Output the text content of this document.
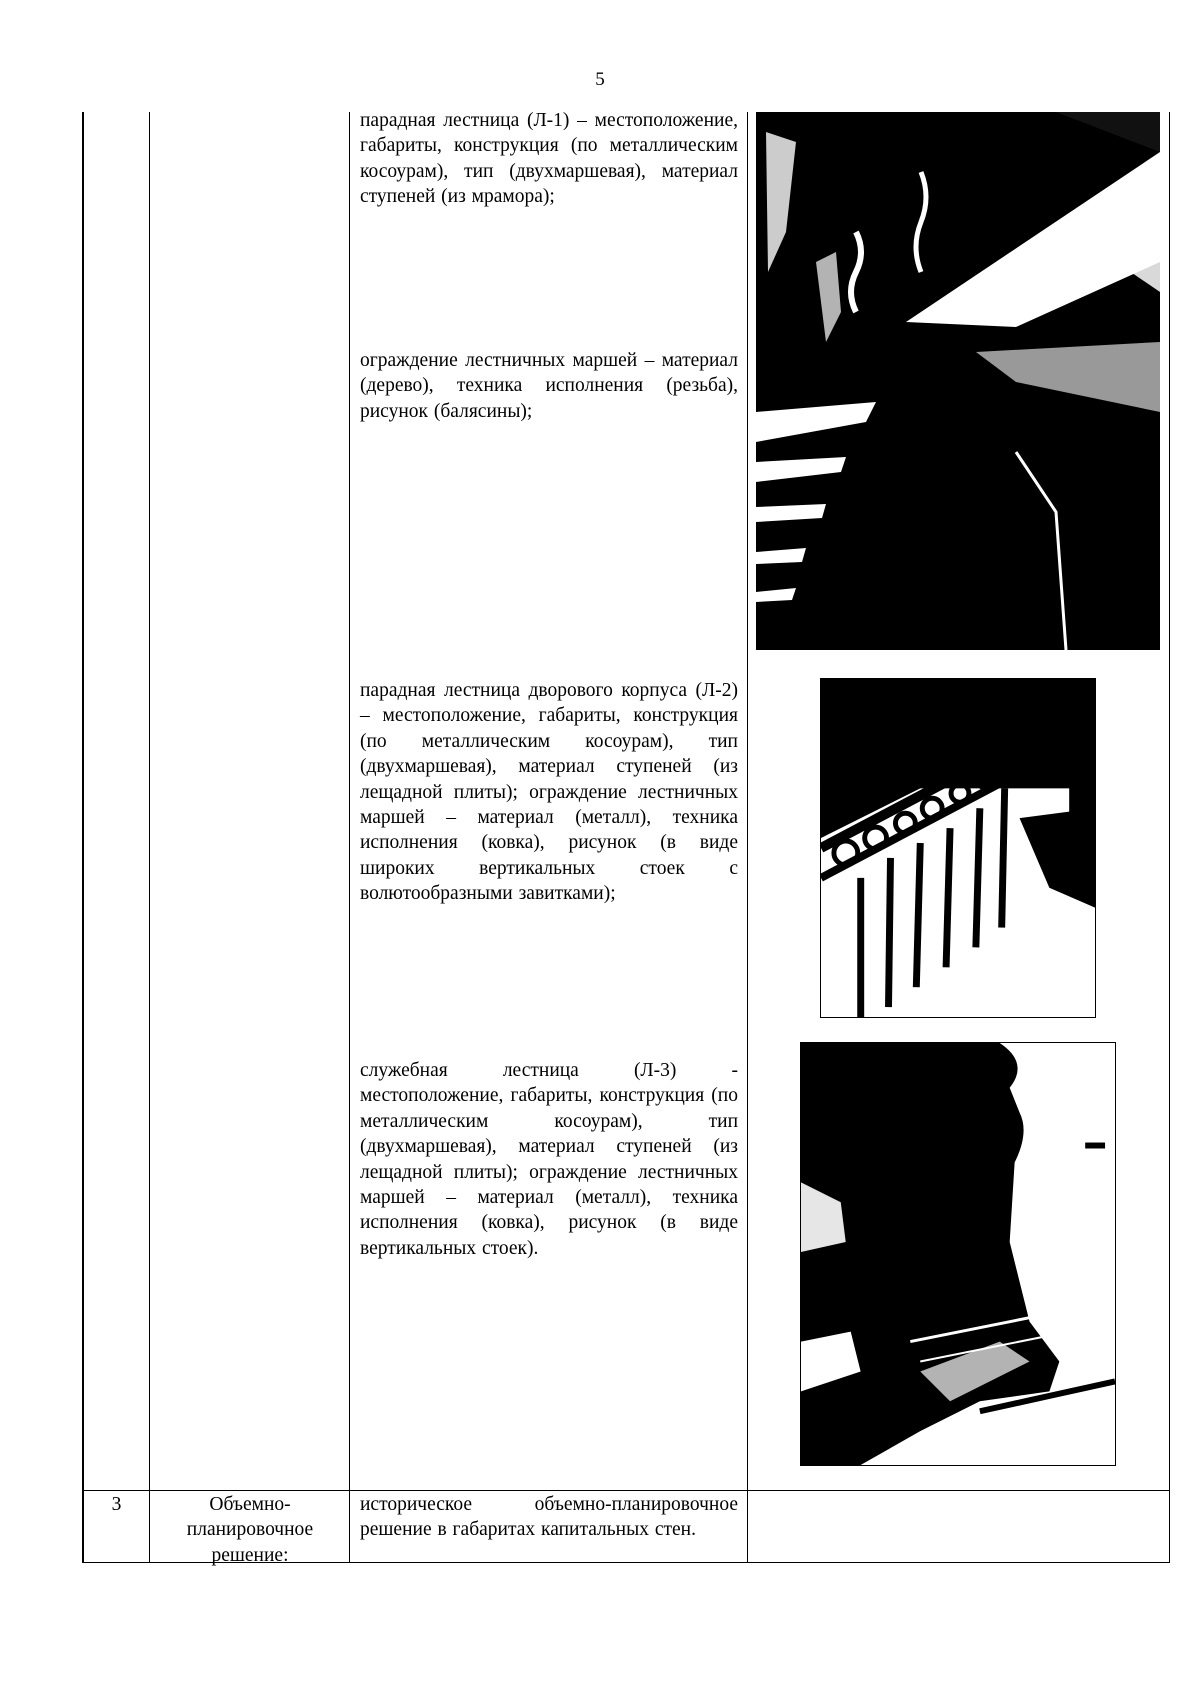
5
парадная лестница (Л-1) – местоположение, габариты, конструкция (по металлическим косоурам), тип (двухмаршевая), материал ступеней (из мрамора);
ограждение лестничных маршей – материал (дерево), техника исполнения (резьба), рисунок (балясины);
парадная лестница дворового корпуса (Л-2) – местоположение, габариты, конструкция (по металлическим косоурам), тип (двухмаршевая), материал ступеней (из лещадной плиты); ограждение лестничных маршей – материал (металл), техника исполнения (ковка), рисунок (в виде широких вертикальных стоек с волютообразными завитками);
служебная лестница (Л-3) - местоположение, габариты, конструкция (по металлическим косоурам), тип (двухмаршевая), материал ступеней (из лещадной плиты); ограждение лестничных маршей – материал (металл), техника исполнения (ковка), рисунок (в виде вертикальных стоек).
3	Объемно-планировочное решение:
историческое объемно-планировочное решение в габаритах капитальных стен.
